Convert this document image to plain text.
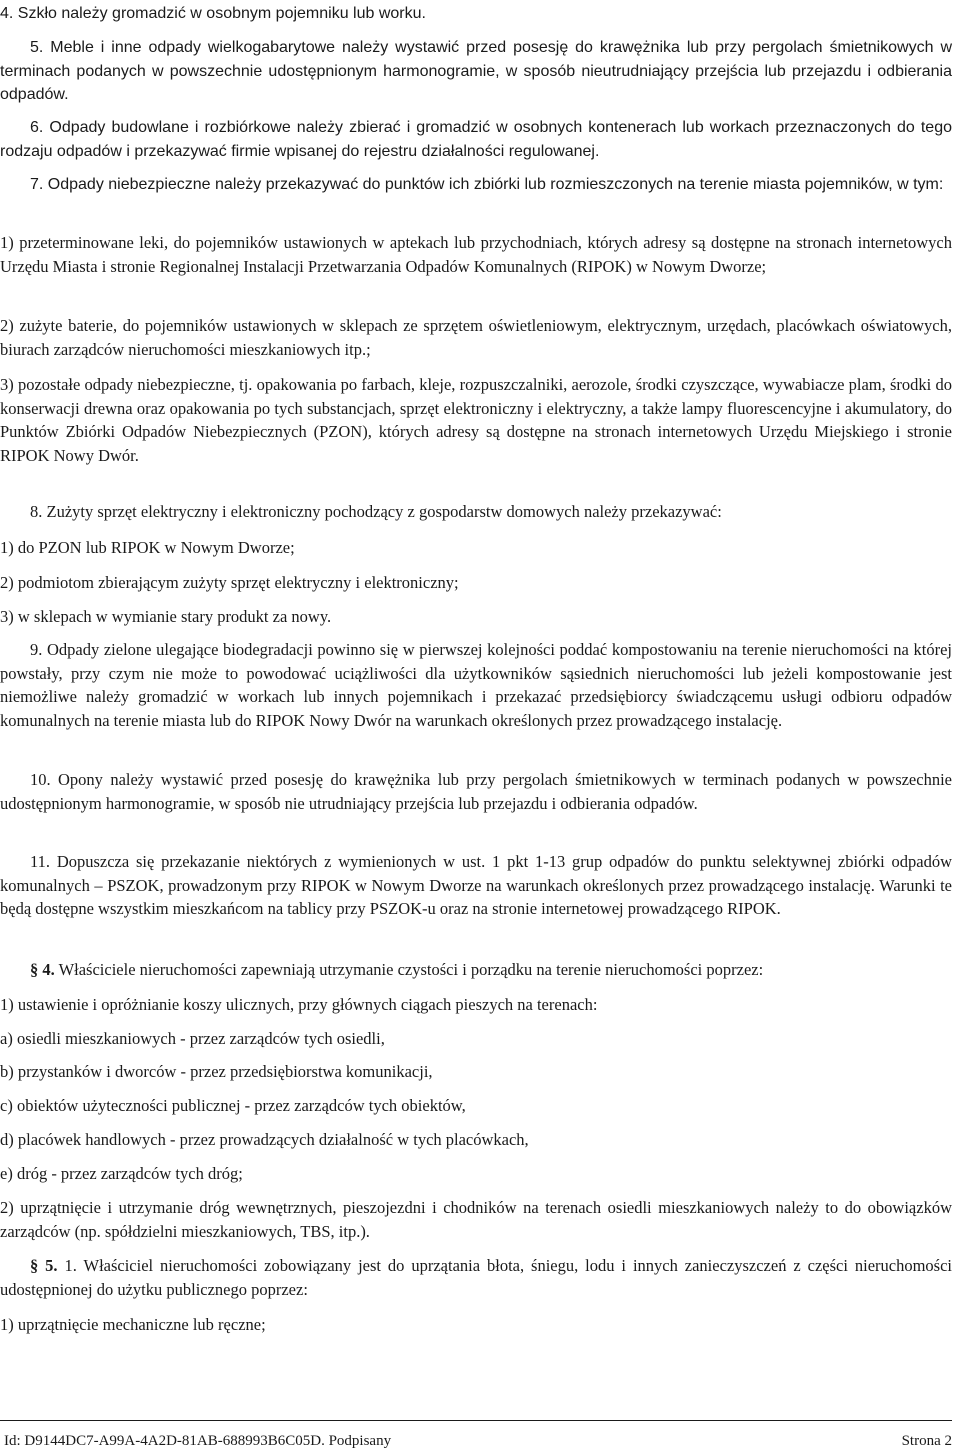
4. Szkło należy gromadzić w osobnym pojemniku lub worku.

5. Meble i inne odpady wielkogabarytowe należy wystawić przed posesję do krawężnika lub przy pergolach śmietnikowych w terminach podanych w powszechnie udostępnionym harmonogramie, w sposób nieutrudniający przejścia lub przejazdu i odbierania odpadów.

6. Odpady budowlane i rozbiórkowe należy zbierać i gromadzić w osobnych kontenerach lub workach przeznaczonych do tego rodzaju odpadów i przekazywać firmie wpisanej do rejestru działalności regulowanej.

7. Odpady niebezpieczne należy przekazywać do punktów ich zbiórki lub rozmieszczonych na terenie miasta pojemników, w tym:

1) przeterminowane leki, do pojemników ustawionych w aptekach lub przychodniach, których adresy są dostępne na stronach internetowych Urzędu Miasta i stronie Regionalnej Instalacji Przetwarzania Odpadów Komunalnych (RIPOK) w Nowym Dworze;

2) zużyte baterie, do pojemników ustawionych w sklepach ze sprzętem oświetleniowym, elektrycznym, urzędach, placówkach oświatowych, biurach zarządców nieruchomości mieszkaniowych itp.;

3) pozostałe odpady niebezpieczne, tj. opakowania po farbach, kleje, rozpuszczalniki, aerozole, środki czyszczące, wywabiacze plam, środki do konserwacji drewna oraz opakowania po tych substancjach, sprzęt elektroniczny i elektryczny, a także lampy fluorescencyjne i akumulatory, do Punktów Zbiórki Odpadów Niebezpiecznych (PZON), których adresy są dostępne na stronach internetowych Urzędu Miejskiego i stronie RIPOK Nowy Dwór.

8. Zużyty sprzęt elektryczny i elektroniczny pochodzący z gospodarstw domowych należy przekazywać:

1) do PZON lub RIPOK w Nowym Dworze;

2) podmiotom zbierającym zużyty sprzęt elektryczny i elektroniczny;

3) w sklepach w wymianie stary produkt za nowy.

9. Odpady zielone ulegające biodegradacji powinno się w pierwszej kolejności poddać kompostowaniu na terenie nieruchomości na której powstały, przy czym nie może to powodować uciążliwości dla użytkowników sąsiednich nieruchomości lub jeżeli kompostowanie jest niemożliwe należy gromadzić w workach lub innych pojemnikach i przekazać przedsiębiorcy świadczącemu usługi odbioru odpadów komunalnych na terenie miasta lub do RIPOK Nowy Dwór na warunkach określonych przez prowadzącego instalację.

10. Opony należy wystawić przed posesję do krawężnika lub przy pergolach śmietnikowych w terminach podanych w powszechnie udostępnionym harmonogramie, w sposób nie utrudniający przejścia lub przejazdu i odbierania odpadów.

11. Dopuszcza się przekazanie niektórych z wymienionych w ust. 1 pkt 1-13 grup odpadów do punktu selektywnej zbiórki odpadów komunalnych – PSZOK, prowadzonym przy RIPOK w Nowym Dworze na warunkach określonych przez prowadzącego instalację. Warunki te będą dostępne wszystkim mieszkańcom na tablicy przy PSZOK-u oraz na stronie internetowej prowadzącego RIPOK.

§ 4. Właściciele nieruchomości zapewniają utrzymanie czystości i porządku na terenie nieruchomości poprzez:

1) ustawienie i opróżnianie koszy ulicznych, przy głównych ciągach pieszych na terenach:

a) osiedli mieszkaniowych - przez zarządców tych osiedli,

b) przystanków i dworców - przez przedsiębiorstwa komunikacji,

c) obiektów użyteczności publicznej - przez zarządców tych obiektów,

d) placówek handlowych - przez prowadzących działalność w tych placówkach,

e) dróg - przez zarządców tych dróg;

2) uprzątnięcie i utrzymanie dróg wewnętrznych, pieszojezdni i chodników na terenach osiedli mieszkaniowych należy to do obowiązków zarządców (np. spółdzielni mieszkaniowych, TBS, itp.).

§ 5. 1. Właściciel nieruchomości zobowiązany jest do uprzątania błota, śniegu, lodu i innych zanieczyszczeń z części nieruchomości udostępnionej do użytku publicznego poprzez:

1) uprzątnięcie mechaniczne lub ręczne;

Id: D9144DC7-A99A-4A2D-81AB-688993B6C05D. Podpisany	Strona 2
